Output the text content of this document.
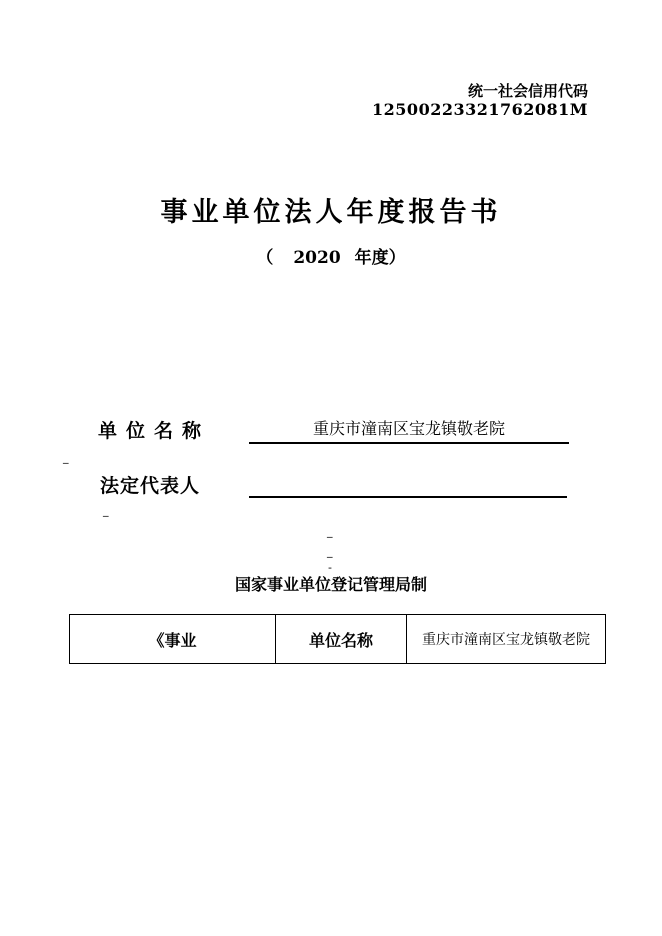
统一社会信用代码
12500223321762081M
事业单位法人年度报告书
（ 2020 年度）
单位名称	重庆市潼南区宝龙镇敬老院
_
法定代表人
_
_
_
-
国家事业单位登记管理局制
《事业	单位名称	重庆市潼南区宝龙镇敬老院
